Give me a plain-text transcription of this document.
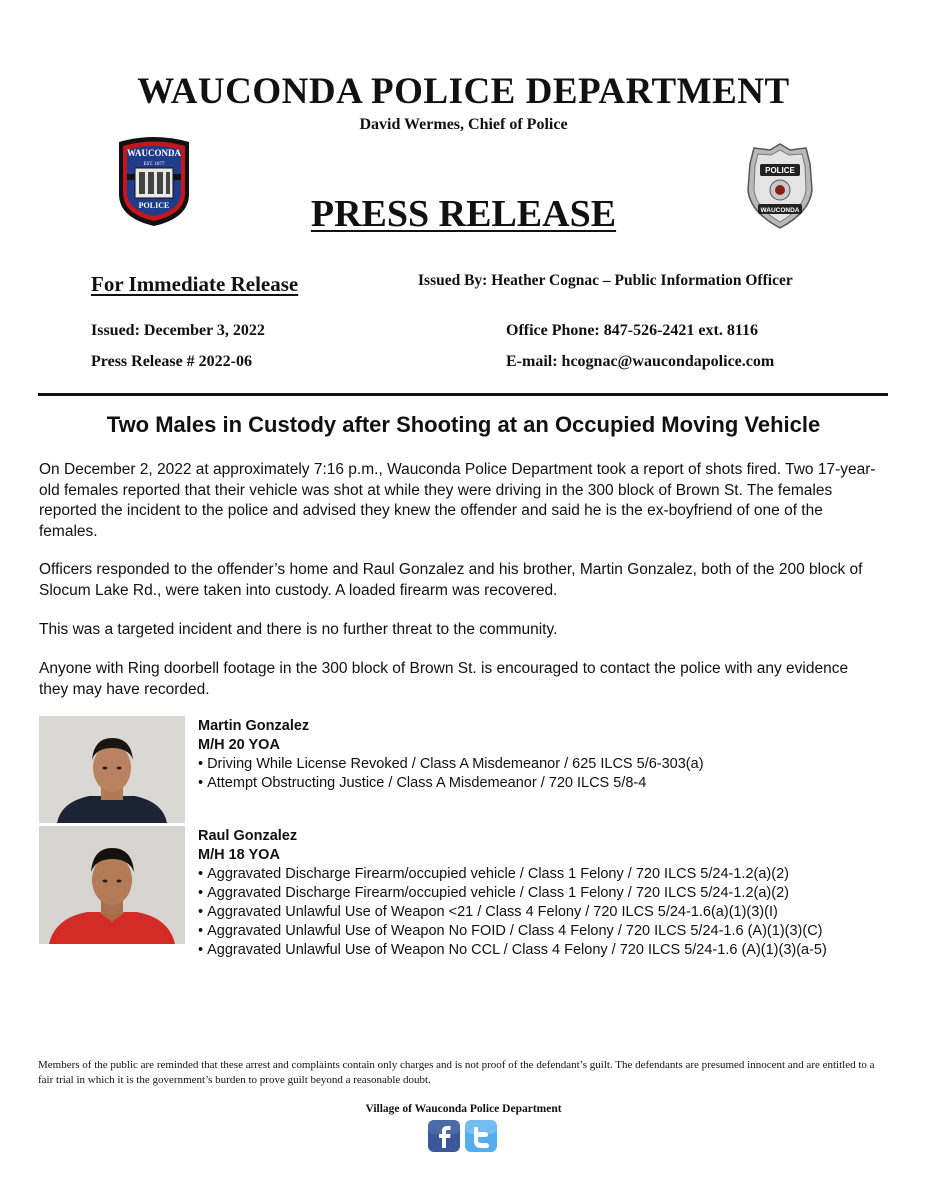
WAUCONDA POLICE DEPARTMENT
David Wermes, Chief of Police
WAUCONDA
EST. 1877
POLICE
POLICE
WAUCONDA
PRESS RELEASE
For Immediate Release	Issued By: Heather Cognac – Public Information Officer
Issued: December 3, 2022
Press Release # 2022-06
Office Phone: 847-526-2421 ext. 8116
E-mail: hcognac@waucondapolice.com
Two Males in Custody after Shooting at an Occupied Moving Vehicle
On December 2, 2022 at approximately 7:16 p.m., Wauconda Police Department took a report of shots fired. Two 17-year-old females reported that their vehicle was shot at while they were driving in the 300 block of Brown St. The females reported the incident to the police and advised they knew the offender and said he is the ex-boyfriend of one of the females.
Officers responded to the offender’s home and Raul Gonzalez and his brother, Martin Gonzalez, both of the 200 block of Slocum Lake Rd., were taken into custody. A loaded firearm was recovered.
This was a targeted incident and there is no further threat to the community.
Anyone with Ring doorbell footage in the 300 block of Brown St. is encouraged to contact the police with any evidence they may have recorded.
Martin Gonzalez
M/H 20 YOA
• Driving While License Revoked / Class A Misdemeanor / 625 ILCS 5/6-303(a)
• Attempt Obstructing Justice / Class A Misdemeanor / 720 ILCS 5/8-4
Raul Gonzalez
M/H 18 YOA
• Aggravated Discharge Firearm/occupied vehicle / Class 1 Felony / 720 ILCS 5/24-1.2(a)(2)
• Aggravated Discharge Firearm/occupied vehicle / Class 1 Felony / 720 ILCS 5/24-1.2(a)(2)
• Aggravated Unlawful Use of Weapon <21 / Class 4 Felony / 720 ILCS 5/24-1.6(a)(1)(3)(I)
• Aggravated Unlawful Use of Weapon No FOID / Class 4 Felony / 720 ILCS 5/24-1.6 (A)(1)(3)(C)
• Aggravated Unlawful Use of Weapon No CCL / Class 4 Felony / 720 ILCS 5/24-1.6 (A)(1)(3)(a-5)
Members of the public are reminded that these arrest and complaints contain only charges and is not proof of the defendant’s guilt. The defendants are presumed innocent and are entitled to a fair trial in which it is the government’s burden to prove guilt beyond a reasonable doubt.
Village of Wauconda Police Department
